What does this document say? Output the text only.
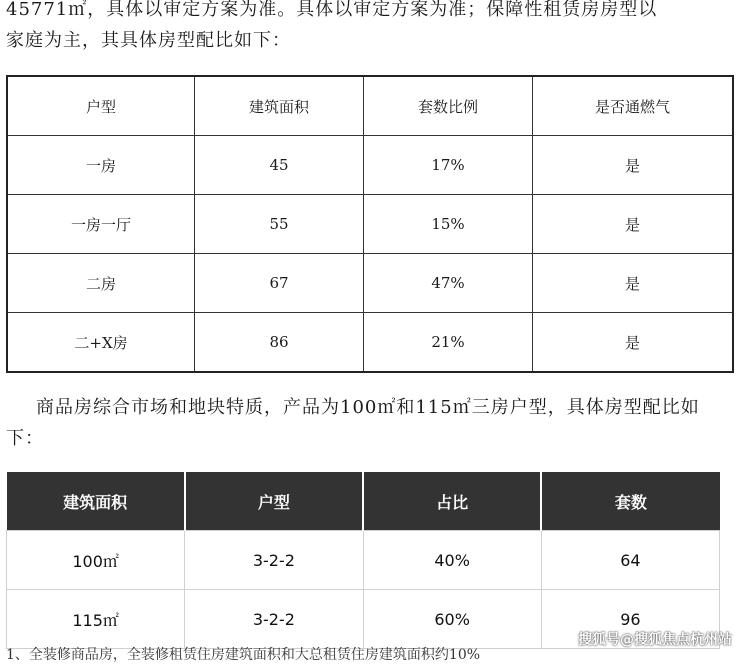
45771㎡，具体以审定方案为准。具体以审定方案为准；保障性租赁房房型以
家庭为主，其具体房型配比如下：

户型	建筑面积	套数比例	是否通燃气
一房	45	17%	是
一房一厅	55	15%	是
二房	67	47%	是
二+X房	86	21%	是

商品房综合市场和地块特质，产品为100㎡和115㎡三房户型，具体房型配比如下：

建筑面积	户型	占比	套数
100㎡	3-2-2	40%	64
115㎡	3-2-2	60%	96
1、全装修商品房，全装修租赁住房建筑面积和大总租赁住房建筑面积约10%
搜狐号@搜狐焦点杭州站
